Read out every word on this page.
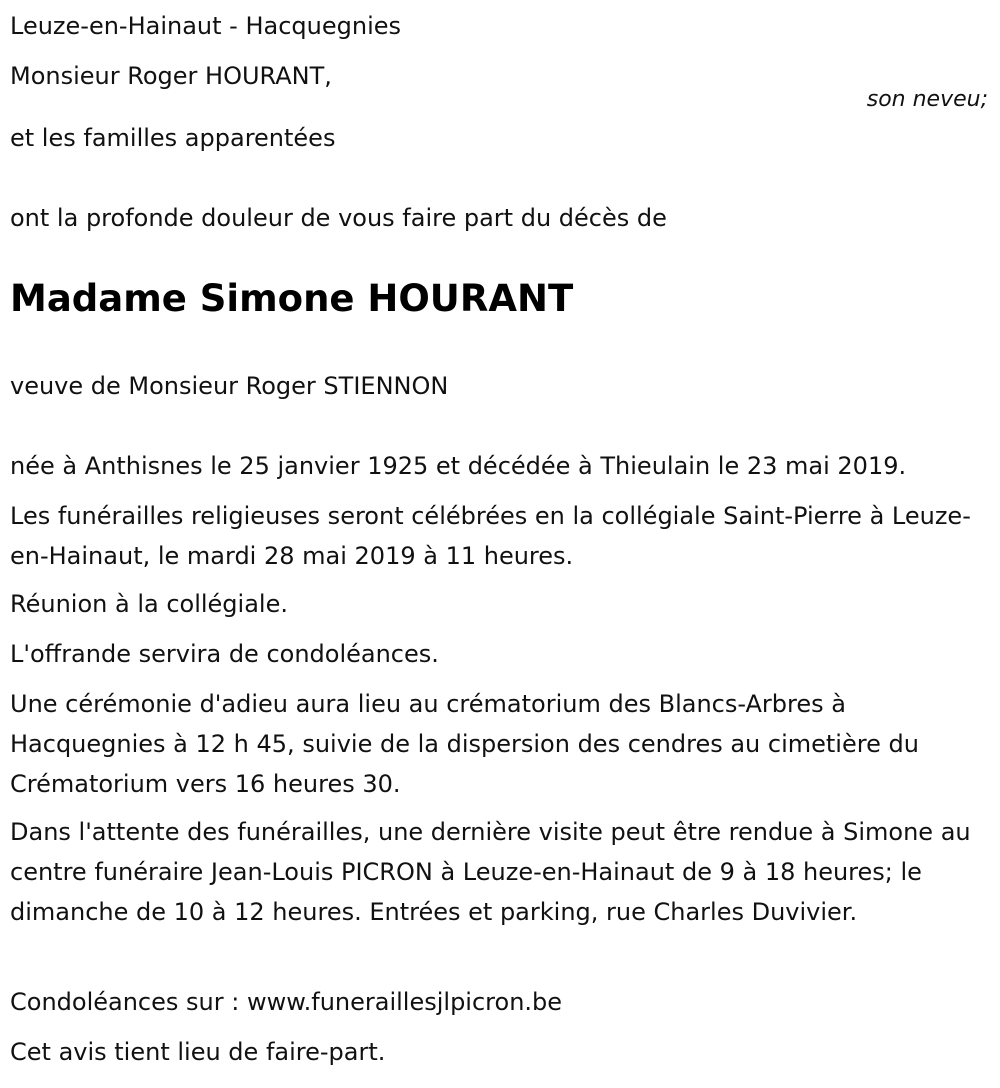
Leuze-en-Hainaut - Hacquegnies

Monsieur Roger HOURANT,

son neveu;

et les familles apparentées

ont la profonde douleur de vous faire part du décès de

Madame Simone HOURANT

veuve de Monsieur Roger STIENNON

née à Anthisnes le 25 janvier 1925 et décédée à Thieulain le 23 mai 2019.

Les funérailles religieuses seront célébrées en la collégiale Saint-Pierre à Leuze-en-Hainaut, le mardi 28 mai 2019 à 11 heures.

Réunion à la collégiale.

L'offrande servira de condoléances.

Une cérémonie d'adieu aura lieu au crématorium des Blancs-Arbres à Hacquegnies à 12 h 45, suivie de la dispersion des cendres au cimetière du Crématorium vers 16 heures 30.

Dans l'attente des funérailles, une dernière visite peut être rendue à Simone au centre funéraire Jean-Louis PICRON à Leuze-en-Hainaut de 9 à 18 heures; le dimanche de 10 à 12 heures. Entrées et parking, rue Charles Duvivier.

Condoléances sur : www.funeraillesjlpicron.be

Cet avis tient lieu de faire-part.
